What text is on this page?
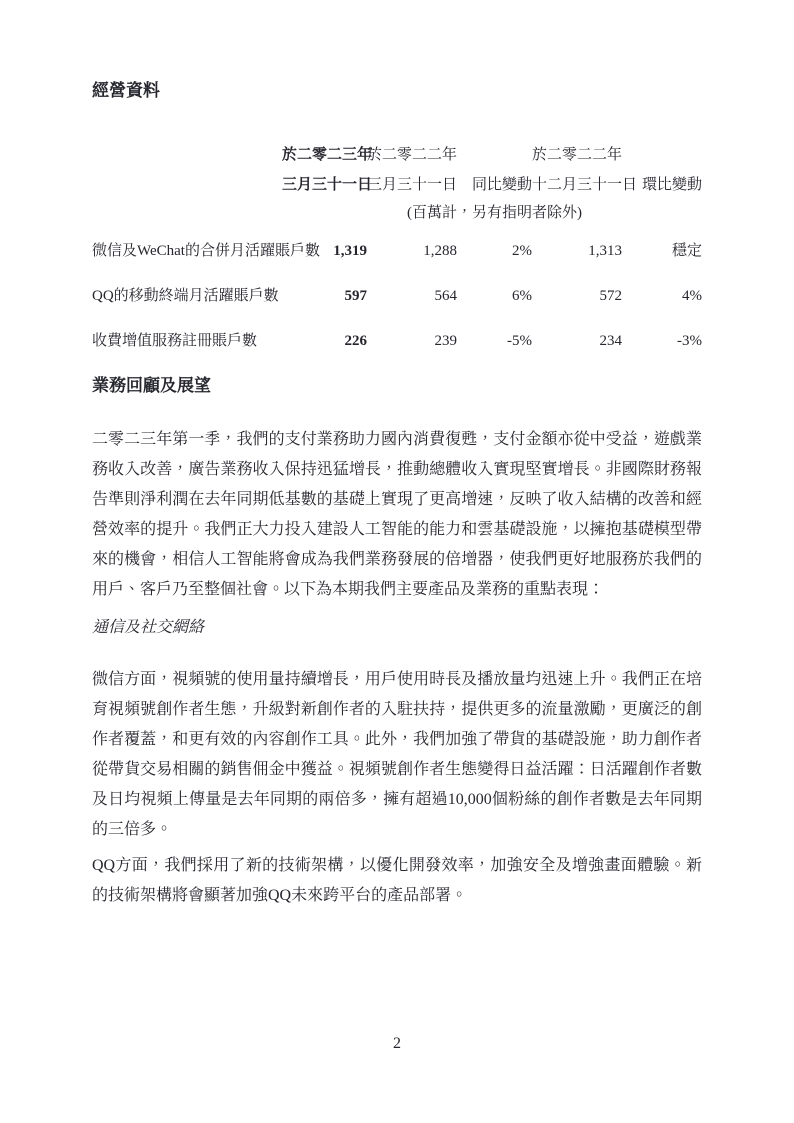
經營資料
	於二零二三年	於二零二二年		於二零二二年	
	三月三十一日	三月三十一日	同比變動	十二月三十一日	環比變動
		(百萬計，另有指明者除外)			
微信及WeChat的合併月活躍賬戶數	1,319	1,288	2%	1,313	穩定
QQ的移動終端月活躍賬戶數	597	564	6%	572	4%
收費增值服務註冊賬戶數	226	239	-5%	234	-3%
業務回顧及展望

二零二三年第一季，我們的支付業務助力國內消費復甦，支付金額亦從中受益，遊戲業務收入改善，廣告業務收入保持迅猛增長，推動總體收入實現堅實增長。非國際財務報告準則淨利潤在去年同期低基數的基礎上實現了更高增速，反映了收入結構的改善和經營效率的提升。我們正大力投入建設人工智能的能力和雲基礎設施，以擁抱基礎模型帶來的機會，相信人工智能將會成為我們業務發展的倍增器，使我們更好地服務於我們的用戶、客戶乃至整個社會。以下為本期我們主要產品及業務的重點表現：

通信及社交網絡

微信方面，視頻號的使用量持續增長，用戶使用時長及播放量均迅速上升。我們正在培育視頻號創作者生態，升級對新創作者的入駐扶持，提供更多的流量激勵，更廣泛的創作者覆蓋，和更有效的內容創作工具。此外，我們加強了帶貨的基礎設施，助力創作者從帶貨交易相關的銷售佣金中獲益。視頻號創作者生態變得日益活躍：日活躍創作者數及日均視頻上傳量是去年同期的兩倍多，擁有超過10,000個粉絲的創作者數是去年同期的三倍多。

QQ方面，我們採用了新的技術架構，以優化開發效率，加強安全及增強畫面體驗。新的技術架構將會顯著加強QQ未來跨平台的產品部署。

2
